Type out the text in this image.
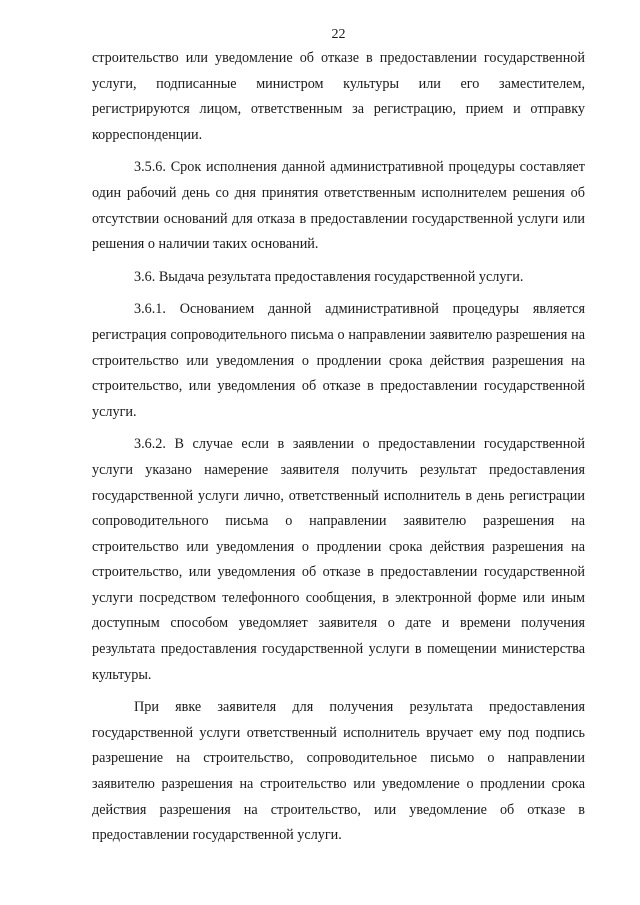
22

строительство или уведомление об отказе в предоставлении государственной услуги, подписанные министром культуры или его заместителем, регистрируются лицом, ответственным за регистрацию, прием и отправку корреспонденции.

3.5.6. Срок исполнения данной административной процедуры составляет один рабочий день со дня принятия ответственным исполнителем решения об отсутствии оснований для отказа в предоставлении государственной услуги или решения о наличии таких оснований.

3.6. Выдача результата предоставления государственной услуги.

3.6.1. Основанием данной административной процедуры является регистрация сопроводительного письма о направлении заявителю разрешения на строительство или уведомления о продлении срока действия разрешения на строительство, или уведомления об отказе в предоставлении государственной услуги.

3.6.2. В случае если в заявлении о предоставлении государственной услуги указано намерение заявителя получить результат предоставления государственной услуги лично, ответственный исполнитель в день регистрации сопроводительного письма о направлении заявителю разрешения на строительство или уведомления о продлении срока действия разрешения на строительство, или уведомления об отказе в предоставлении государственной услуги посредством телефонного сообщения, в электронной форме или иным доступным способом уведомляет заявителя о дате и времени получения результата предоставления государственной услуги в помещении министерства культуры.

При явке заявителя для получения результата предоставления государственной услуги ответственный исполнитель вручает ему под подпись разрешение на строительство, сопроводительное письмо о направлении заявителю разрешения на строительство или уведомление о продлении срока действия разрешения на строительство, или уведомление об отказе в предоставлении государственной услуги.
